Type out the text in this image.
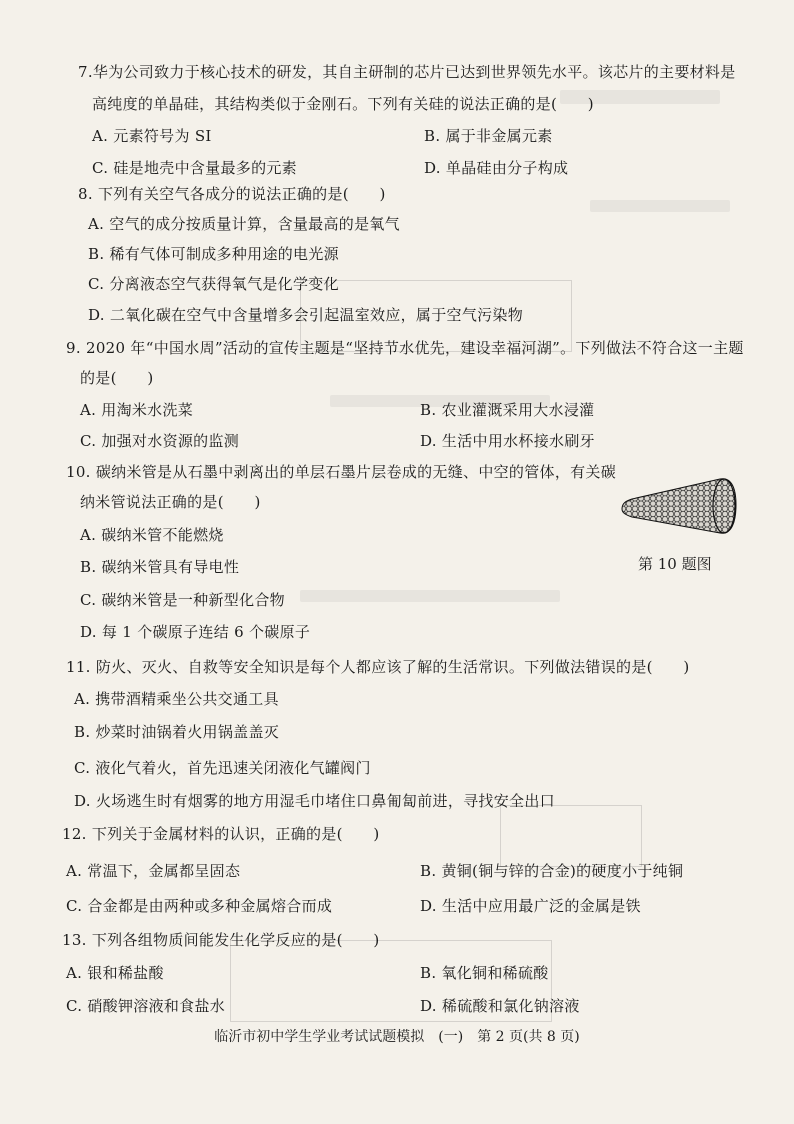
7.华为公司致力于核心技术的研发，其自主研制的芯片已达到世界领先水平。该芯片的主要材料是
高纯度的单晶硅，其结构类似于金刚石。下列有关硅的说法正确的是(　　)
A. 元素符号为 SI	B. 属于非金属元素
C. 硅是地壳中含量最多的元素	D. 单晶硅由分子构成
8. 下列有关空气各成分的说法正确的是(　　)
A. 空气的成分按质量计算，含量最高的是氧气
B. 稀有气体可制成多种用途的电光源
C. 分离液态空气获得氧气是化学变化
D. 二氧化碳在空气中含量增多会引起温室效应，属于空气污染物
9. 2020 年“中国水周”活动的宣传主题是“坚持节水优先，建设幸福河湖”。下列做法不符合这一主题
的是(　　)
A. 用淘米水洗菜	B. 农业灌溉采用大水浸灌
C. 加强对水资源的监测	D. 生活中用水杯接水刷牙
10. 碳纳米管是从石墨中剥离出的单层石墨片层卷成的无缝、中空的管体，有关碳
纳米管说法正确的是(　　)
A. 碳纳米管不能燃烧
B. 碳纳米管具有导电性
C. 碳纳米管是一种新型化合物
D. 每 1 个碳原子连结 6 个碳原子
第 10 题图
11. 防火、灭火、自救等安全知识是每个人都应该了解的生活常识。下列做法错误的是(　　)
A. 携带酒精乘坐公共交通工具
B. 炒菜时油锅着火用锅盖盖灭
C. 液化气着火，首先迅速关闭液化气罐阀门
D. 火场逃生时有烟雾的地方用湿毛巾堵住口鼻匍匐前进，寻找安全出口
12. 下列关于金属材料的认识，正确的是(　　)
A. 常温下，金属都呈固态	B. 黄铜(铜与锌的合金)的硬度小于纯铜
C. 合金都是由两种或多种金属熔合而成	D. 生活中应用最广泛的金属是铁
13. 下列各组物质间能发生化学反应的是(　　)
A. 银和稀盐酸	B. 氧化铜和稀硫酸
C. 硝酸钾溶液和食盐水	D. 稀硫酸和氯化钠溶液
临沂市初中学生学业考试试题模拟　(一)　第 2 页(共 8 页)
